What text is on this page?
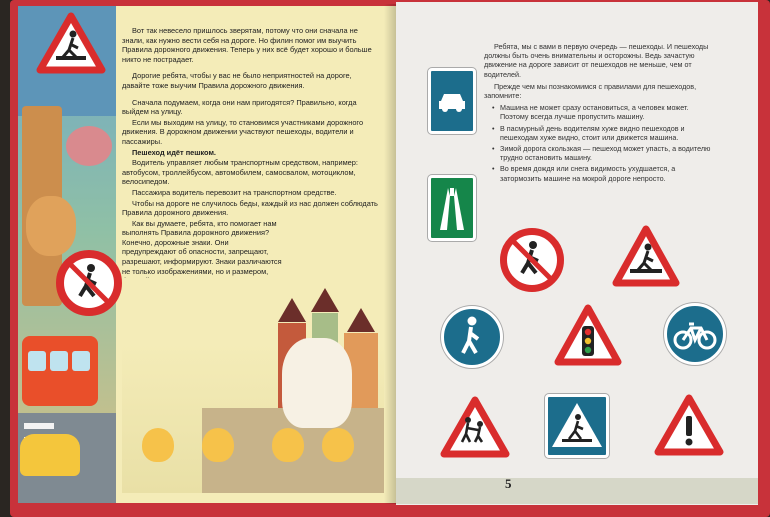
Вот так невесело пришлось зверятам, потому что они сначала не знали, как нужно вести себя на дороге. Но филин помог им выучить Правила дорожного движения. Теперь у них всё будет хорошо и больше никто не пострадает.

Дорогие ребята, чтобы у вас не было неприятностей на дороге, давайте тоже выучим Правила дорожного движения.

Сначала подумаем, когда они нам пригодятся? Правильно, когда выйдем на улицу.

Если мы выходим на улицу, то становимся участниками дорожного движения. В дорожном движении участвуют пешеходы, водители и пассажиры.

Пешеход идёт пешком.

Водитель управляет любым транспортным средством, например: автобусом, троллейбусом, автомобилем, самосвалом, мотоциклом, велосипедом.

Пассажира водитель перевозит на транспортном средстве.

Чтобы на дороге не случилось беды, каждый из нас должен соблюдать Правила дорожного движения.

Как вы думаете, ребята, кто помогает нам выполнять Правила дорожного движения? Конечно, дорожные знаки. Они предупреждают об опасности, запрещают, разрешают, информируют. Знаки различаются не только изображениями, но и размером,

Ребята, мы с вами в первую очередь — пешеходы. И пешеходы должны быть очень внимательны и осторожны. Ведь зачастую движение на дороге зависит от пешеходов не меньше, чем от водителей.

Прежде чем мы познакомимся с правилами для пешеходов, запомните:

• Машина не может сразу остановиться, а человек может. Поэтому всегда лучше пропустить машину.
• В пасмурный день водителям хуже видно пешеходов и пешеходам хуже видно, стоит или движется машина.
• Зимой дорога скользкая — пешеход может упасть, а водителю трудно остановить машину.
• Во время дождя или снега видимость ухудшается, а затормозить машине на мокрой дороге непросто.
5
